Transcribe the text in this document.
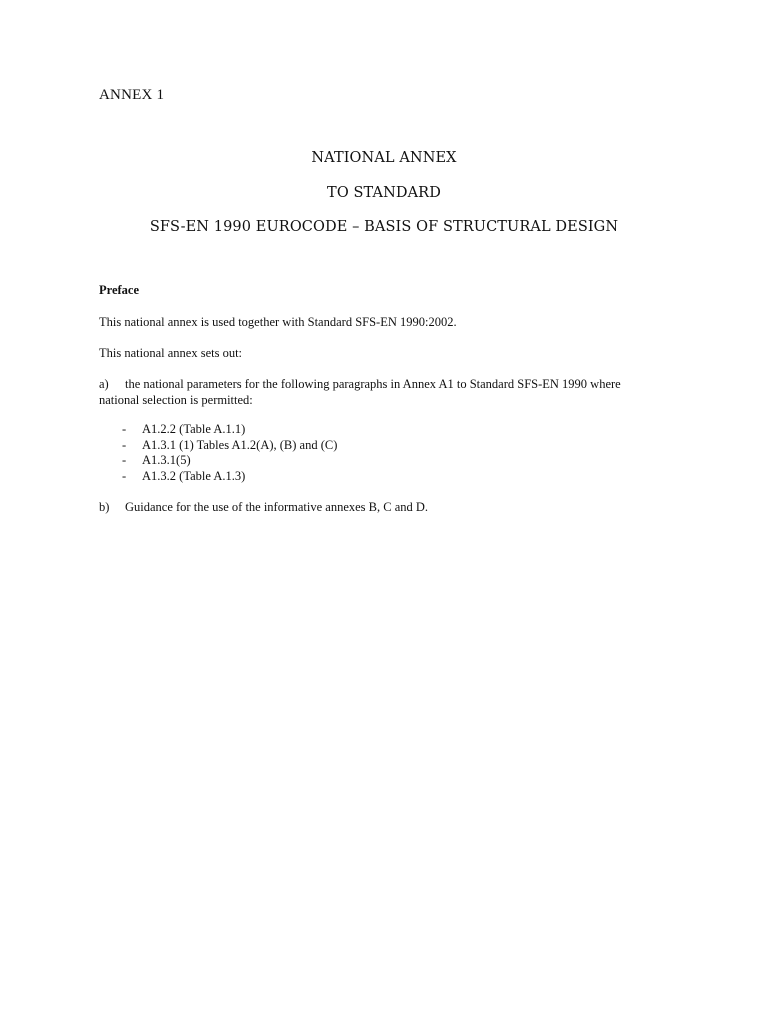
ANNEX 1
NATIONAL ANNEX
TO STANDARD
SFS-EN 1990 EUROCODE – BASIS OF STRUCTURAL DESIGN
Preface
This national annex is used together with Standard SFS-EN 1990:2002.
This national annex sets out:
a) the national parameters for the following paragraphs in Annex A1 to Standard SFS-EN 1990 where national selection is permitted:
- A1.2.2 (Table A.1.1)
- A1.3.1 (1) Tables A1.2(A), (B) and (C)
- A1.3.1(5)
- A1.3.2 (Table A.1.3)
b) Guidance for the use of the informative annexes B, C and D.
